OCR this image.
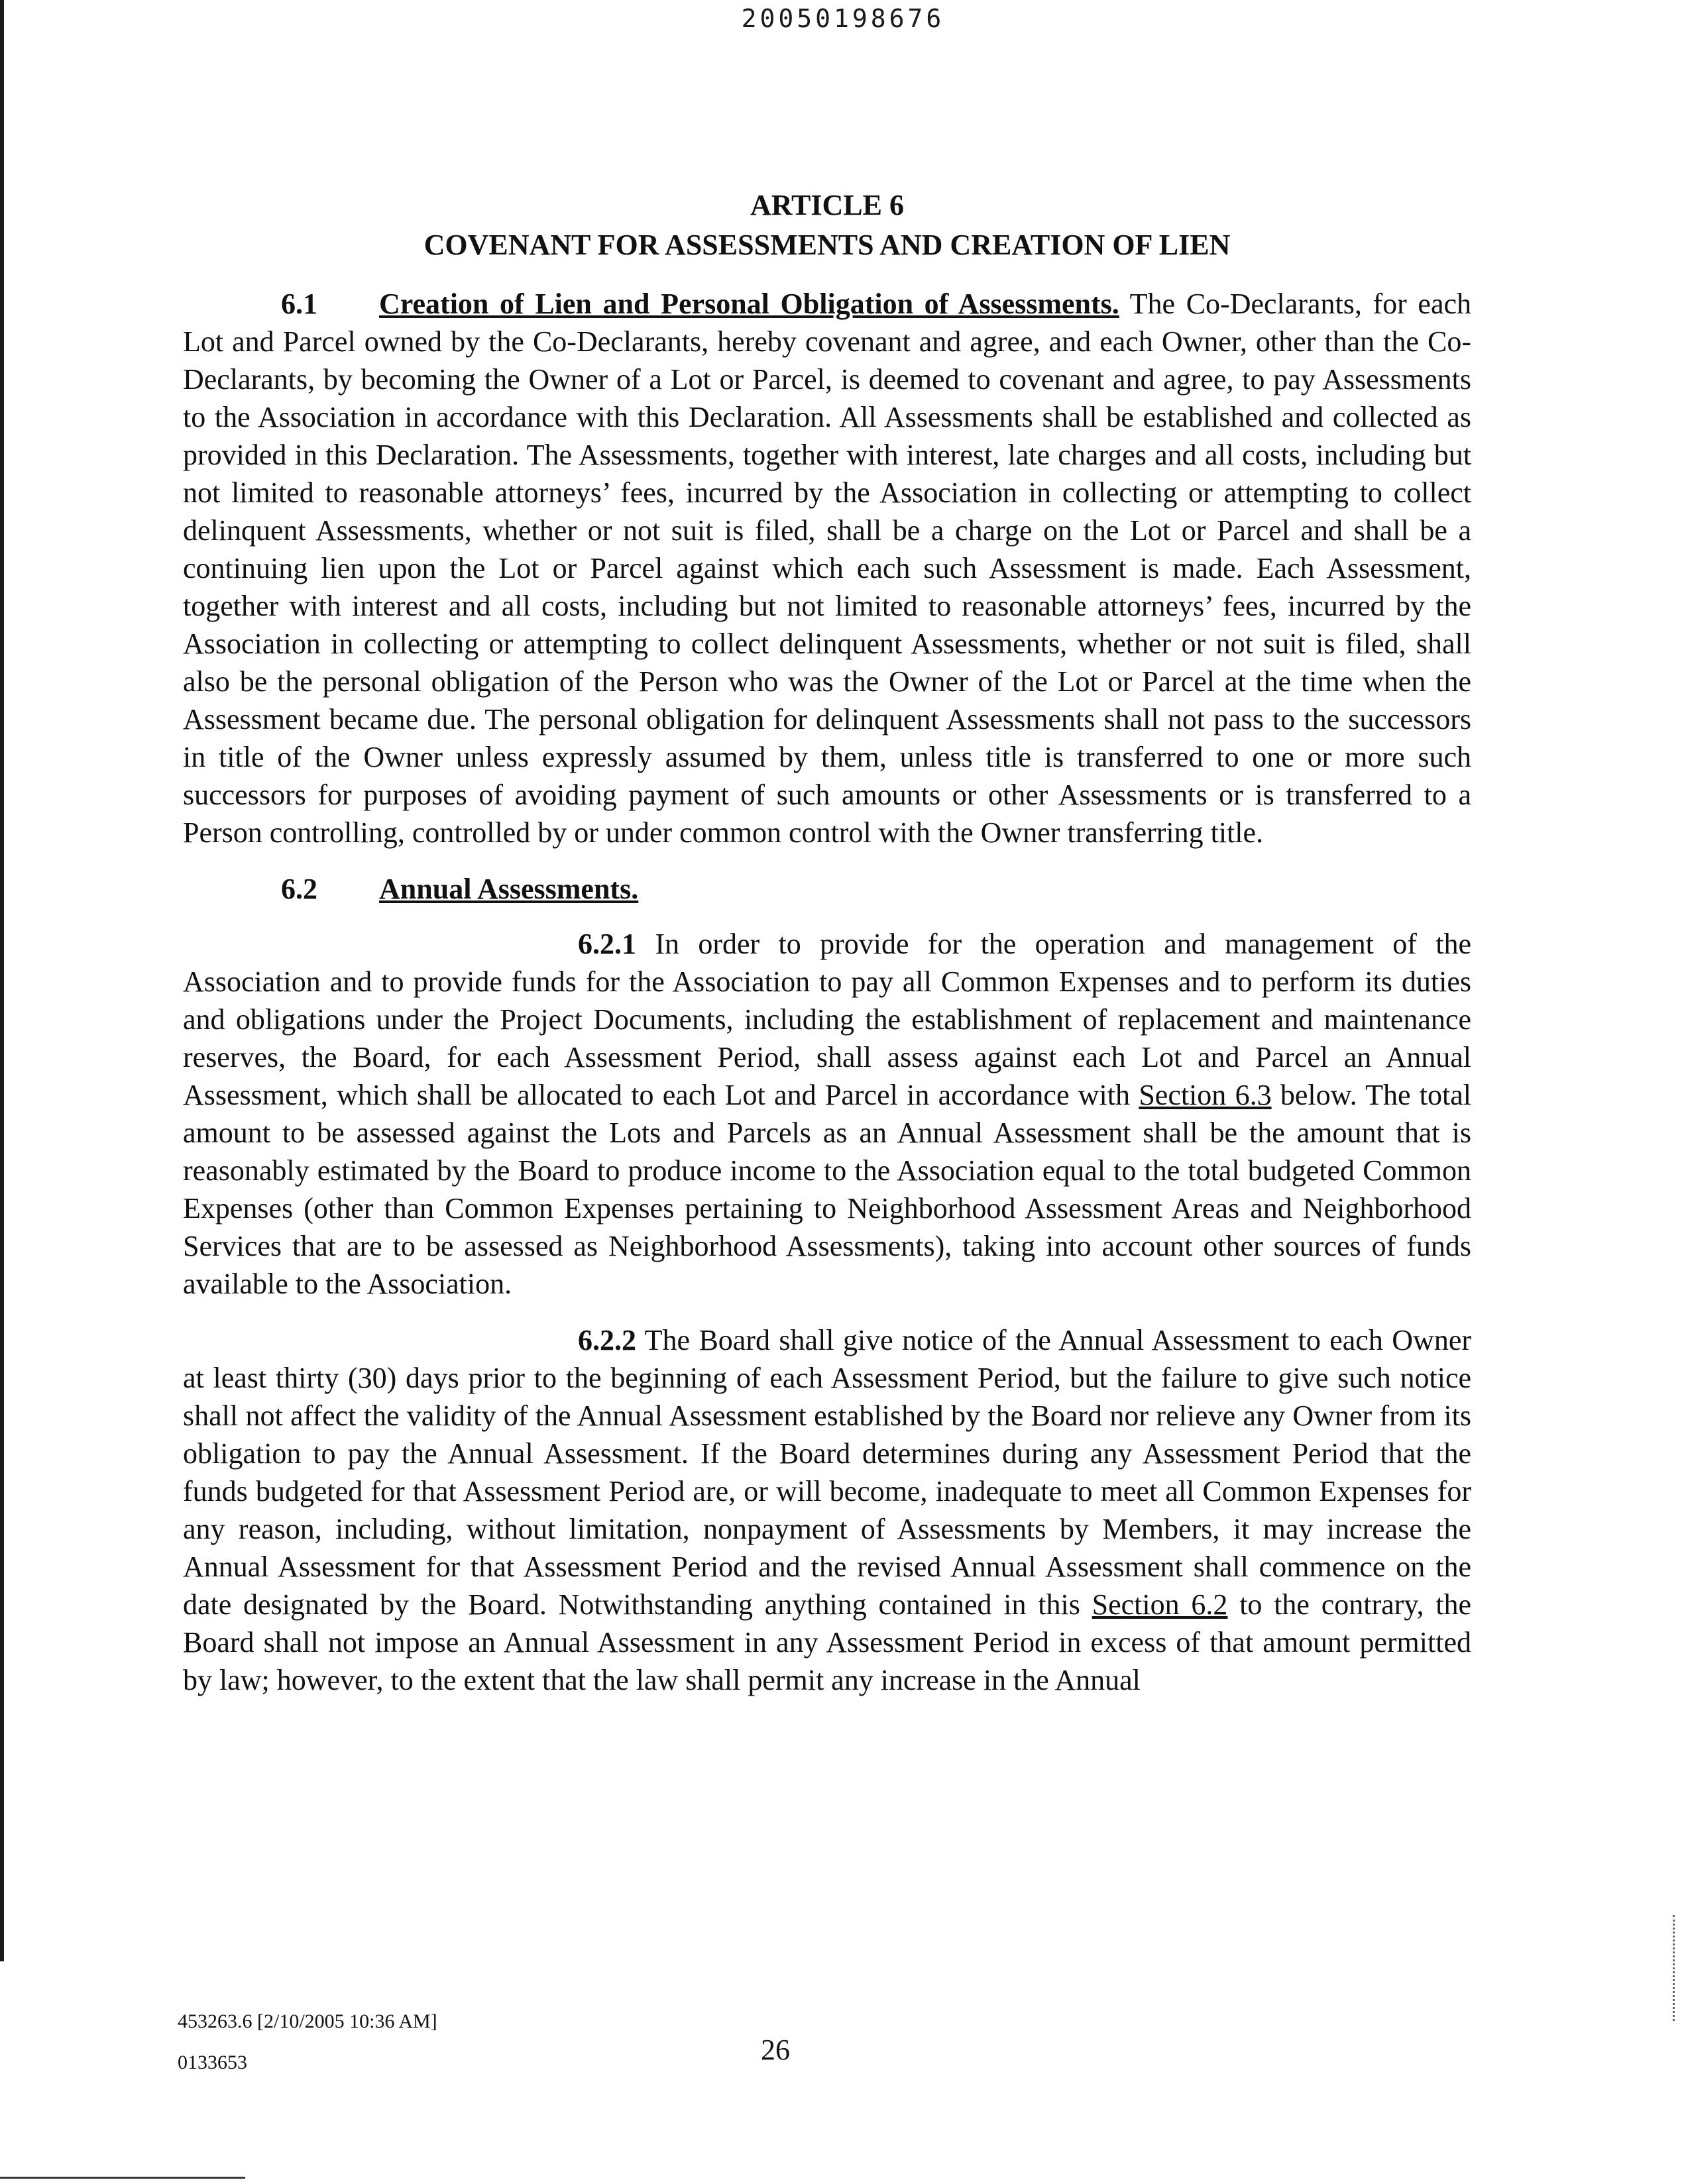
20050198676
ARTICLE 6
COVENANT FOR ASSESSMENTS AND CREATION OF LIEN

6.1 Creation of Lien and Personal Obligation of Assessments. The Co-Declarants, for each Lot and Parcel owned by the Co-Declarants, hereby covenant and agree, and each Owner, other than the Co-Declarants, by becoming the Owner of a Lot or Parcel, is deemed to covenant and agree, to pay Assessments to the Association in accordance with this Declaration. All Assessments shall be established and collected as provided in this Declaration. The Assessments, together with interest, late charges and all costs, including but not limited to reasonable attorneys’ fees, incurred by the Association in collecting or attempting to collect delinquent Assessments, whether or not suit is filed, shall be a charge on the Lot or Parcel and shall be a continuing lien upon the Lot or Parcel against which each such Assessment is made. Each Assessment, together with interest and all costs, including but not limited to reasonable attorneys’ fees, incurred by the Association in collecting or attempting to collect delinquent Assessments, whether or not suit is filed, shall also be the personal obligation of the Person who was the Owner of the Lot or Parcel at the time when the Assessment became due. The personal obligation for delinquent Assessments shall not pass to the successors in title of the Owner unless expressly assumed by them, unless title is transferred to one or more such successors for purposes of avoiding payment of such amounts or other Assessments or is transferred to a Person controlling, controlled by or under common control with the Owner transferring title.

6.2 Annual Assessments.

6.2.1 In order to provide for the operation and management of the Association and to provide funds for the Association to pay all Common Expenses and to perform its duties and obligations under the Project Documents, including the establishment of replacement and maintenance reserves, the Board, for each Assessment Period, shall assess against each Lot and Parcel an Annual Assessment, which shall be allocated to each Lot and Parcel in accordance with Section 6.3 below. The total amount to be assessed against the Lots and Parcels as an Annual Assessment shall be the amount that is reasonably estimated by the Board to produce income to the Association equal to the total budgeted Common Expenses (other than Common Expenses pertaining to Neighborhood Assessment Areas and Neighborhood Services that are to be assessed as Neighborhood Assessments), taking into account other sources of funds available to the Association.

6.2.2 The Board shall give notice of the Annual Assessment to each Owner at least thirty (30) days prior to the beginning of each Assessment Period, but the failure to give such notice shall not affect the validity of the Annual Assessment established by the Board nor relieve any Owner from its obligation to pay the Annual Assessment. If the Board determines during any Assessment Period that the funds budgeted for that Assessment Period are, or will become, inadequate to meet all Common Expenses for any reason, including, without limitation, nonpayment of Assessments by Members, it may increase the Annual Assessment for that Assessment Period and the revised Annual Assessment shall commence on the date designated by the Board. Notwithstanding anything contained in this Section 6.2 to the contrary, the Board shall not impose an Annual Assessment in any Assessment Period in excess of that amount permitted by law; however, to the extent that the law shall permit any increase in the Annual

453263.6 [2/10/2005 10:36 AM]
0133653	26
